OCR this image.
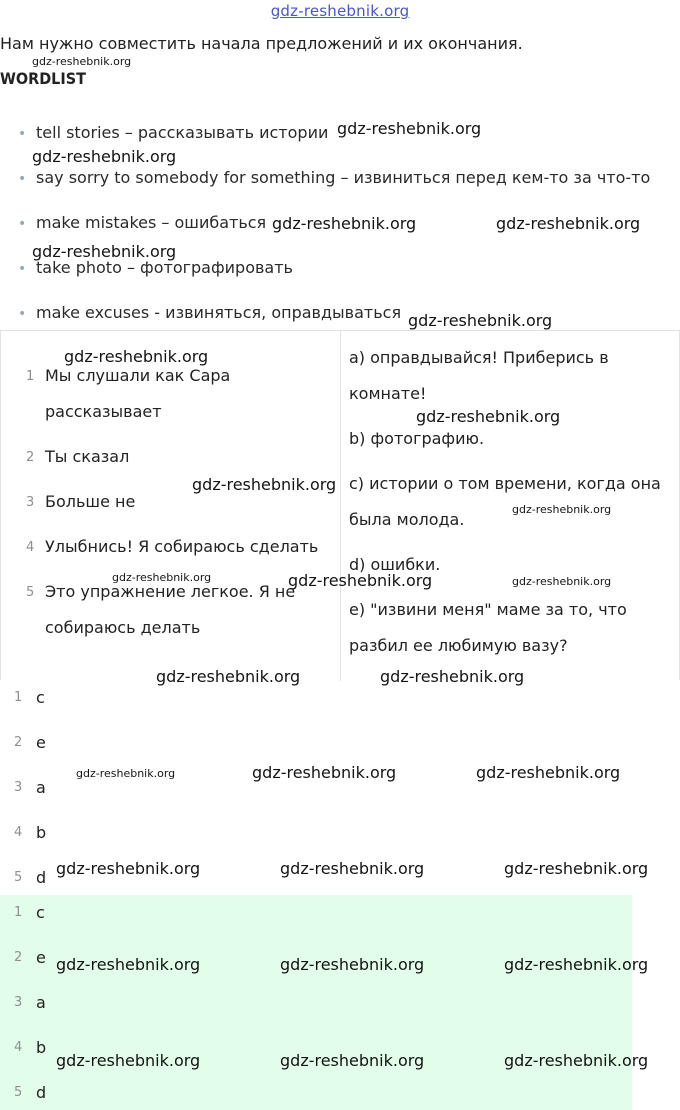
gdz-reshebnik.org
Нам нужно совместить начала предложений и их окончания.
WORDLIST
• tell stories – рассказывать истории
• say sorry to somebody for something – извиниться перед кем-то за что-то
• make mistakes – ошибаться
• take photo – фотографировать
• make excuses - извиняться, оправдываться
1 Мы слушали как Сара
рассказывает
2 Ты сказал
3 Больше не
4 Улыбнись! Я собираюсь сделать
5 Это упражнение легкое. Я не
собираюсь делать
a) оправдывайся! Приберись в
комнате!
b) фотографию.
c) истории о том времени, когда она
была молода.
d) ошибки.
e) "извини меня" маме за то, что
разбил ее любимую вазу?
1 c
2 e
3 a
4 b
5 d
1 c
2 e
3 a
4 b
5 d
gdz-reshebnik.org
gdz-reshebnik.org
gdz-reshebnik.org
gdz-reshebnik.org	gdz-reshebnik.org
gdz-reshebnik.org
gdz-reshebnik.org
gdz-reshebnik.org
gdz-reshebnik.org
gdz-reshebnik.org
gdz-reshebnik.org
gdz-reshebnik.org	gdz-reshebnik.org	gdz-reshebnik.org
gdz-reshebnik.org	gdz-reshebnik.org
gdz-reshebnik.org	gdz-reshebnik.org	gdz-reshebnik.org
gdz-reshebnik.org	gdz-reshebnik.org	gdz-reshebnik.org
gdz-reshebnik.org	gdz-reshebnik.org	gdz-reshebnik.org
gdz-reshebnik.org	gdz-reshebnik.org	gdz-reshebnik.org
